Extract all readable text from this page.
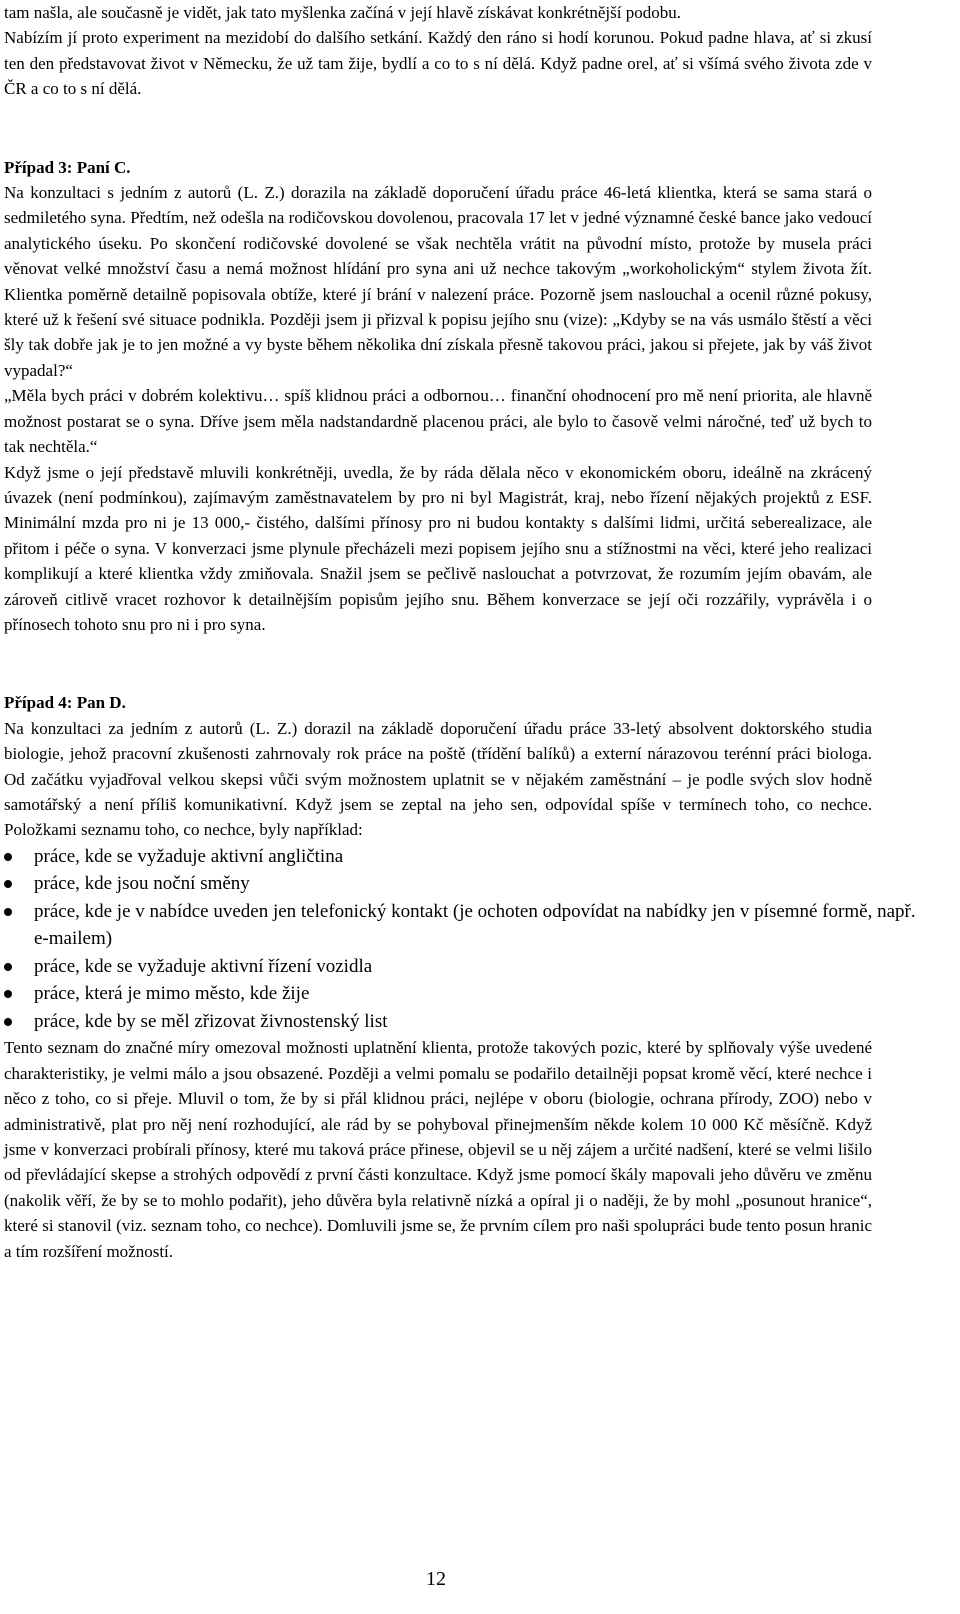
tam našla, ale současně je vidět, jak tato myšlenka začíná v její hlavě získávat konkrétnější podobu.

Nabízím jí proto experiment na mezidobí do dalšího setkání. Každý den ráno si hodí korunou. Pokud padne hlava, ať si zkusí ten den představovat život v Německu, že už tam žije, bydlí a co to s ní dělá. Když padne orel, ať si všímá svého života zde v ČR a co to s ní dělá.

Případ 3: Paní C.

Na konzultaci s jedním z autorů (L. Z.) dorazila na základě doporučení úřadu práce 46-letá klientka, která se sama stará o sedmiletého syna. Předtím, než odešla na rodičovskou dovolenou, pracovala 17 let v jedné významné české bance jako vedoucí analytického úseku. Po skončení rodičovské dovolené se však nechtěla vrátit na původní místo, protože by musela práci věnovat velké množství času a nemá možnost hlídání pro syna ani už nechce takovým „workoholickým“ stylem života žít. Klientka poměrně detailně popisovala obtíže, které jí brání v nalezení práce. Pozorně jsem naslouchal a ocenil různé pokusy, které už k řešení své situace podnikla. Později jsem ji přizval k popisu jejího snu (vize): „Kdyby se na vás usmálo štěstí a věci šly tak dobře jak je to jen možné a vy byste během několika dní získala přesně takovou práci, jakou si přejete, jak by váš život vypadal?“

„Měla bych práci v dobrém kolektivu… spíš klidnou práci a odbornou… finanční ohodnocení pro mě není priorita, ale hlavně možnost postarat se o syna. Dříve jsem měla nadstandardně placenou práci, ale bylo to časově velmi náročné, teď už bych to tak nechtěla.“

Když jsme o její představě mluvili konkrétněji, uvedla, že by ráda dělala něco v ekonomickém oboru, ideálně na zkrácený úvazek (není podmínkou), zajímavým zaměstnavatelem by pro ni byl Magistrát, kraj, nebo řízení nějakých projektů z ESF. Minimální mzda pro ni je 13 000,- čistého, dalšími přínosy pro ni budou kontakty s dalšími lidmi, určitá seberealizace, ale přitom i péče o syna. V konverzaci jsme plynule přecházeli mezi popisem jejího snu a stížnostmi na věci, které jeho realizaci komplikují a které klientka vždy zmiňovala. Snažil jsem se pečlivě naslouchat a potvrzovat, že rozumím jejím obavám, ale zároveň citlivě vracet rozhovor k detailnějším popisům jejího snu. Během konverzace se její oči rozzářily, vyprávěla i o přínosech tohoto snu pro ni i pro syna.

Případ 4: Pan D.

Na konzultaci za jedním z autorů (L. Z.) dorazil na základě doporučení úřadu práce 33-letý absolvent doktorského studia biologie, jehož pracovní zkušenosti zahrnovaly rok práce na poště (třídění balíků) a externí nárazovou terénní práci biologa. Od začátku vyjadřoval velkou skepsi vůči svým možnostem uplatnit se v nějakém zaměstnání – je podle svých slov hodně samotářský a není příliš komunikativní. Když jsem se zeptal na jeho sen, odpovídal spíše v termínech toho, co nechce. Položkami seznamu toho, co nechce, byly například:

práce, kde se vyžaduje aktivní angličtina
práce, kde jsou noční směny
práce, kde je v nabídce uveden jen telefonický kontakt (je ochoten odpovídat na nabídky jen v písemné formě, např. e-mailem)
práce, kde se vyžaduje aktivní řízení vozidla
práce, která je mimo město, kde žije
práce, kde by se měl zřizovat živnostenský list

Tento seznam do značné míry omezoval možnosti uplatnění klienta, protože takových pozic, které by splňovaly výše uvedené charakteristiky, je velmi málo a jsou obsazené. Později a velmi pomalu se podařilo detailněji popsat kromě věcí, které nechce i něco z toho, co si přeje. Mluvil o tom, že by si přál klidnou práci, nejlépe v oboru (biologie, ochrana přírody, ZOO) nebo v administrativě, plat pro něj není rozhodující, ale rád by se pohyboval přinejmenším někde kolem 10 000 Kč měsíčně. Když jsme v konverzaci probírali přínosy, které mu taková práce přinese, objevil se u něj zájem a určité nadšení, které se velmi lišilo od převládající skepse a strohých odpovědí z první části konzultace. Když jsme pomocí škály mapovali jeho důvěru ve změnu (nakolik věří, že by se to mohlo podařit), jeho důvěra byla relativně nízká a opíral ji o naději, že by mohl „posunout hranice“, které si stanovil (viz. seznam toho, co nechce). Domluvili jsme se, že prvním cílem pro naši spolupráci bude tento posun hranic a tím rozšíření možností.

12
